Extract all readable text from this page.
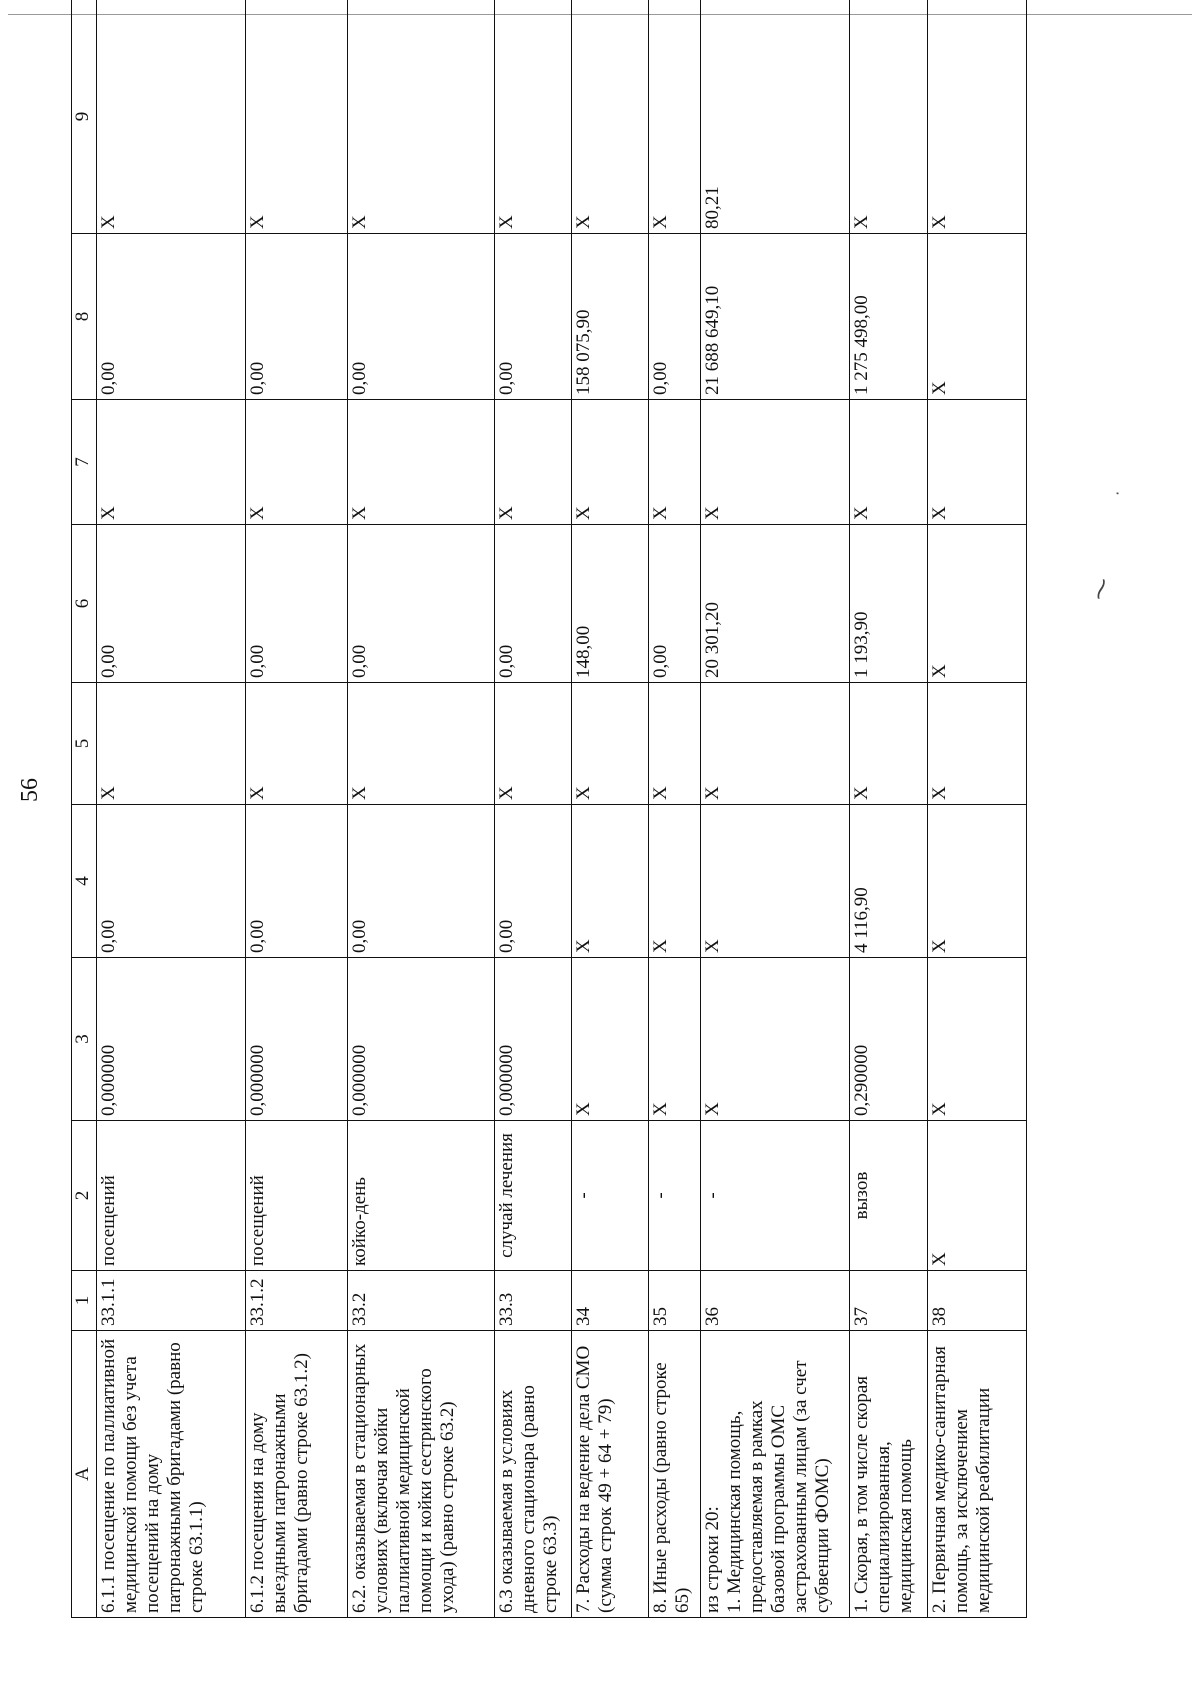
56
А	1	2	3	4	5	6	7	8	9
6.1.1 посещение по паллиативной медицинской помощи без учета посещений на дому патронажными бригадами (равно строке 63.1.1)	33.1.1	посещений	0,000000	0,00	X	0,00	X	0,00	X
6.1.2 посещения на дому выездными патронажными бригадами (равно строке 63.1.2)	33.1.2	посещений	0,000000	0,00	X	0,00	X	0,00	X
6.2. оказываемая в стационарных условиях (включая койки паллиативной медицинской помощи и койки сестринского ухода) (равно строке 63.2)	33.2	койко-день	0,000000	0,00	X	0,00	X	0,00	X
6.3 оказываемая в условиях дневного стационара (равно строке 63.3)	33.3	случай лечения	0,000000	0,00	X	0,00	X	0,00	X
7. Расходы на ведение дела СМО (сумма строк 49 + 64 + 79)	34	-	X	X	X	148,00	X	158 075,90	X
8. Иные расходы (равно строке 65)	35	-	X	X	X	0,00	X	0,00	X
из строки 20:
1. Медицинская помощь, предоставляемая в рамках базовой программы ОМС застрахованным лицам (за счет субвенции ФОМС)	36	-	X	X	X	20 301,20	X	21 688 649,10	80,21
1. Скорая, в том числе скорая специализированная, медицинская помощь	37	вызов	0,290000	4 116,90	X	1 193,90	X	1 275 498,00	X
2. Первичная медико-санитарная помощь, за исключением медицинской реабилитации	38	X	X	X	X	X	X	X	X
⁓
·
